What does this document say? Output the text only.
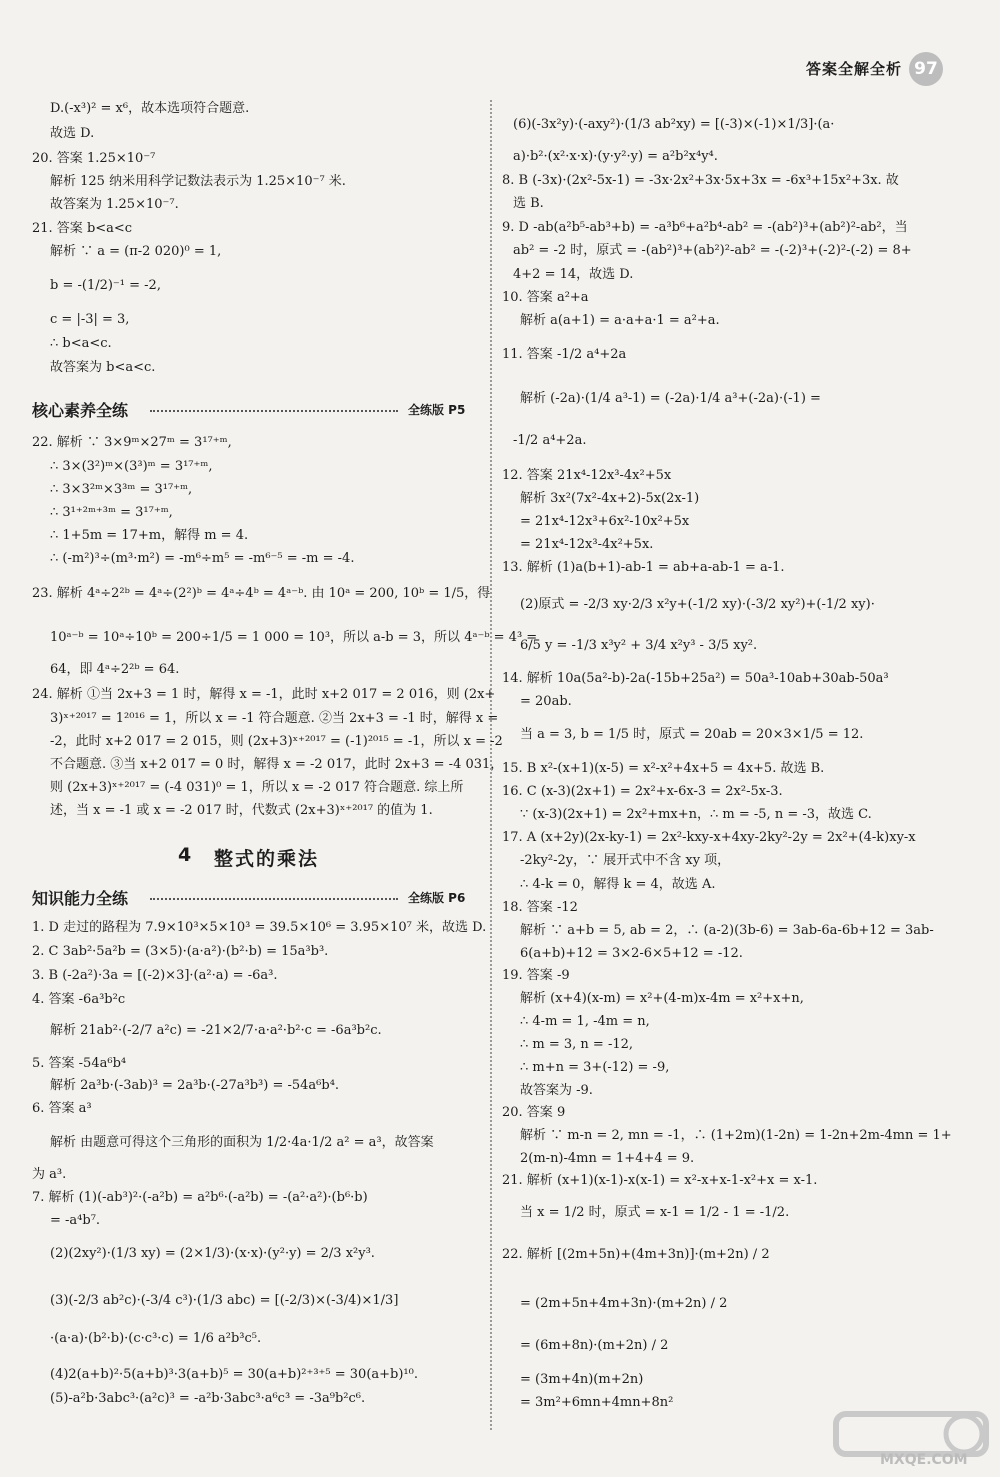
答案全解全析 97
D.(-x³)² = x⁶，故本选项符合题意.
故选 D.
20. 答案 1.25×10⁻⁷
解析 125 纳米用科学记数法表示为 1.25×10⁻⁷ 米.
故答案为 1.25×10⁻⁷.
21. 答案 b<a<c
解析 ∵ a = (π-2 020)⁰ = 1,
b = -(1/2)⁻¹ = -2,
c = |-3| = 3,
∴ b<a<c.
故答案为 b<a<c.
核心素养全练	全练版 P5
22. 解析 ∵ 3×9ᵐ×27ᵐ = 3¹⁷⁺ᵐ,
∴ 3×(3²)ᵐ×(3³)ᵐ = 3¹⁷⁺ᵐ,
∴ 3×3²ᵐ×3³ᵐ = 3¹⁷⁺ᵐ,
∴ 3¹⁺²ᵐ⁺³ᵐ = 3¹⁷⁺ᵐ,
∴ 1+5m = 17+m，解得 m = 4.
∴ (-m²)³÷(m³·m²) = -m⁶÷m⁵ = -m⁶⁻⁵ = -m = -4.
23. 解析 4ᵃ÷2²ᵇ = 4ᵃ÷(2²)ᵇ = 4ᵃ÷4ᵇ = 4ᵃ⁻ᵇ. 由 10ᵃ = 200, 10ᵇ = 1/5，得
10ᵃ⁻ᵇ = 10ᵃ÷10ᵇ = 200÷1/5 = 1 000 = 10³，所以 a-b = 3，所以 4ᵃ⁻ᵇ = 4³ =
64，即 4ᵃ÷2²ᵇ = 64.
24. 解析 ①当 2x+3 = 1 时，解得 x = -1，此时 x+2 017 = 2 016，则 (2x+
3)ˣ⁺²⁰¹⁷ = 1²⁰¹⁶ = 1，所以 x = -1 符合题意. ②当 2x+3 = -1 时，解得 x =
-2，此时 x+2 017 = 2 015，则 (2x+3)ˣ⁺²⁰¹⁷ = (-1)²⁰¹⁵ = -1，所以 x = -2
不合题意. ③当 x+2 017 = 0 时，解得 x = -2 017，此时 2x+3 = -4 031，
则 (2x+3)ˣ⁺²⁰¹⁷ = (-4 031)⁰ = 1，所以 x = -2 017 符合题意. 综上所
述，当 x = -1 或 x = -2 017 时，代数式 (2x+3)ˣ⁺²⁰¹⁷ 的值为 1.
4 整式的乘法
知识能力全练	全练版 P6
1. D 走过的路程为 7.9×10³×5×10³ = 39.5×10⁶ = 3.95×10⁷ 米，故选 D.
2. C 3ab²·5a²b = (3×5)·(a·a²)·(b²·b) = 15a³b³.
3. B (-2a²)·3a = [(-2)×3]·(a²·a) = -6a³.
4. 答案 -6a³b²c
解析 21ab²·(-2/7 a²c) = -21×2/7·a·a²·b²·c = -6a³b²c.
5. 答案 -54a⁶b⁴
解析 2a³b·(-3ab)³ = 2a³b·(-27a³b³) = -54a⁶b⁴.
6. 答案 a³
解析 由题意可得这个三角形的面积为 1/2·4a·1/2 a² = a³，故答案
为 a³.
7. 解析 (1)(-ab³)²·(-a²b) = a²b⁶·(-a²b) = -(a²·a²)·(b⁶·b)
= -a⁴b⁷.
(2)(2xy²)·(1/3 xy) = (2×1/3)·(x·x)·(y²·y) = 2/3 x²y³.
(3)(-2/3 ab²c)·(-3/4 c³)·(1/3 abc) = [(-2/3)×(-3/4)×1/3]
·(a·a)·(b²·b)·(c·c³·c) = 1/6 a²b³c⁵.
(4)2(a+b)²·5(a+b)³·3(a+b)⁵ = 30(a+b)²⁺³⁺⁵ = 30(a+b)¹⁰.
(5)-a²b·3abc³·(a²c)³ = -a²b·3abc³·a⁶c³ = -3a⁹b²c⁶.
(6)(-3x²y)·(-axy²)·(1/3 ab²xy) = [(-3)×(-1)×1/3]·(a·
a)·b²·(x²·x·x)·(y·y²·y) = a²b²x⁴y⁴.
8. B (-3x)·(2x²-5x-1) = -3x·2x²+3x·5x+3x = -6x³+15x²+3x. 故
选 B.
9. D -ab(a²b⁵-ab³+b) = -a³b⁶+a²b⁴-ab² = -(ab²)³+(ab²)²-ab²，当
ab² = -2 时，原式 = -(ab²)³+(ab²)²-ab² = -(-2)³+(-2)²-(-2) = 8+
4+2 = 14，故选 D.
10. 答案 a²+a
解析 a(a+1) = a·a+a·1 = a²+a.
11. 答案 -1/2 a⁴+2a
解析 (-2a)·(1/4 a³-1) = (-2a)·1/4 a³+(-2a)·(-1) =
-1/2 a⁴+2a.
12. 答案 21x⁴-12x³-4x²+5x
解析 3x²(7x²-4x+2)-5x(2x-1)
= 21x⁴-12x³+6x²-10x²+5x
= 21x⁴-12x³-4x²+5x.
13. 解析 (1)a(b+1)-ab-1 = ab+a-ab-1 = a-1.
(2)原式 = -2/3 xy·2/3 x²y+(-1/2 xy)·(-3/2 xy²)+(-1/2 xy)·
6/5 y = -1/3 x³y² + 3/4 x²y³ - 3/5 xy².
14. 解析 10a(5a²-b)-2a(-15b+25a²) = 50a³-10ab+30ab-50a³
= 20ab.
当 a = 3, b = 1/5 时，原式 = 20ab = 20×3×1/5 = 12.
15. B x²-(x+1)(x-5) = x²-x²+4x+5 = 4x+5. 故选 B.
16. C (x-3)(2x+1) = 2x²+x-6x-3 = 2x²-5x-3.
∵ (x-3)(2x+1) = 2x²+mx+n，∴ m = -5, n = -3，故选 C.
17. A (x+2y)(2x-ky-1) = 2x²-kxy-x+4xy-2ky²-2y = 2x²+(4-k)xy-x
-2ky²-2y，∵ 展开式中不含 xy 项，
∴ 4-k = 0，解得 k = 4，故选 A.
18. 答案 -12
解析 ∵ a+b = 5, ab = 2，∴ (a-2)(3b-6) = 3ab-6a-6b+12 = 3ab-
6(a+b)+12 = 3×2-6×5+12 = -12.
19. 答案 -9
解析 (x+4)(x-m) = x²+(4-m)x-4m = x²+x+n,
∴ 4-m = 1, -4m = n,
∴ m = 3, n = -12,
∴ m+n = 3+(-12) = -9,
故答案为 -9.
20. 答案 9
解析 ∵ m-n = 2, mn = -1，∴ (1+2m)(1-2n) = 1-2n+2m-4mn = 1+
2(m-n)-4mn = 1+4+4 = 9.
21. 解析 (x+1)(x-1)-x(x-1) = x²-x+x-1-x²+x = x-1.
当 x = 1/2 时，原式 = x-1 = 1/2 - 1 = -1/2.
22. 解析 [(2m+5n)+(4m+3n)]·(m+2n) / 2
= (2m+5n+4m+3n)·(m+2n) / 2
= (6m+8n)·(m+2n) / 2
= (3m+4n)(m+2n)
= 3m²+6mn+4mn+8n²
MXQE.COM
